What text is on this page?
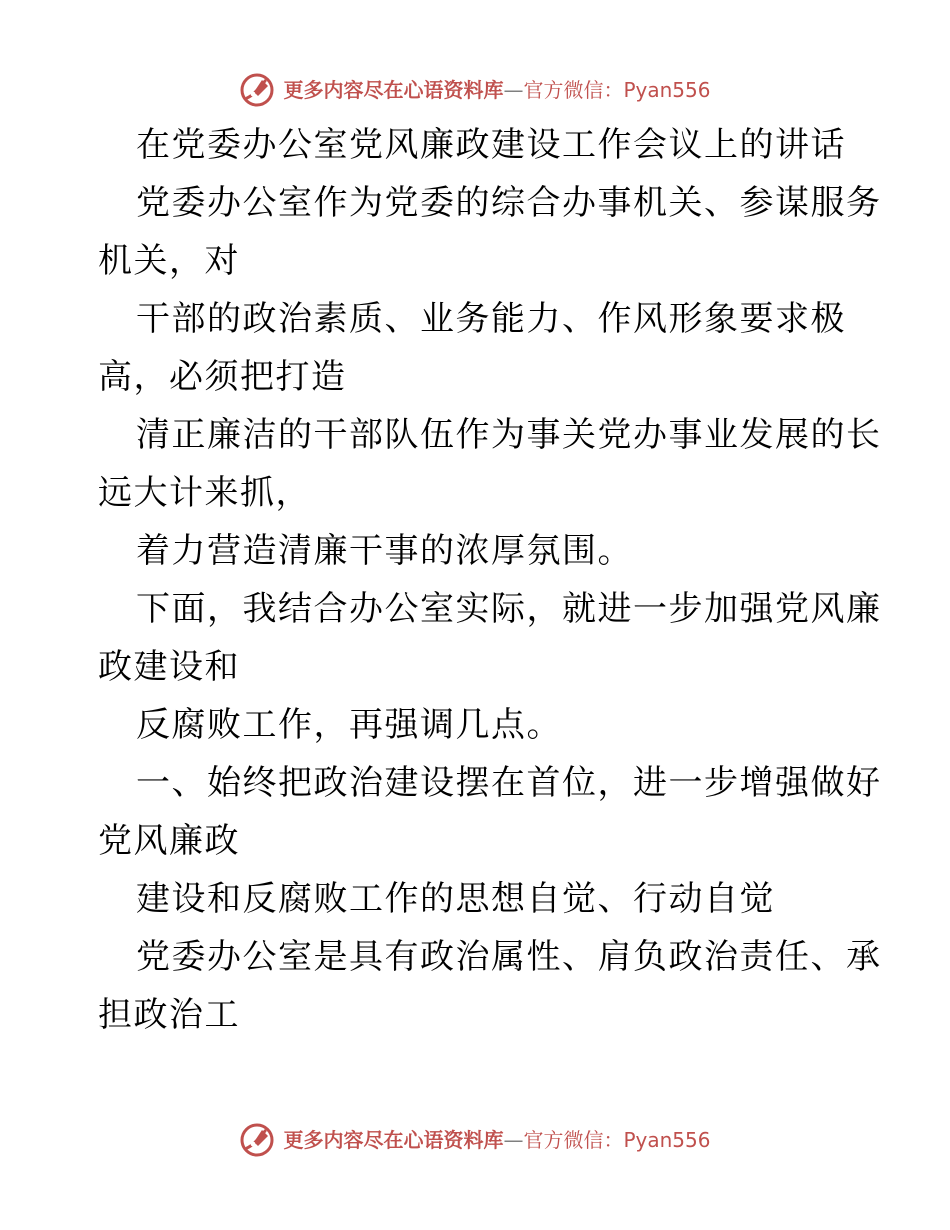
更多内容尽在心语资料库—官方微信：Pyan556
在党委办公室党风廉政建设工作会议上的讲话
党委办公室作为党委的综合办事机关、参谋服务
机关，对
干部的政治素质、业务能力、作风形象要求极
高，必须把打造
清正廉洁的干部队伍作为事关党办事业发展的长
远大计来抓，
着力营造清廉干事的浓厚氛围。
下面，我结合办公室实际，就进一步加强党风廉
政建设和
反腐败工作，再强调几点。
一、始终把政治建设摆在首位，进一步增强做好
党风廉政
建设和反腐败工作的思想自觉、行动自觉
党委办公室是具有政治属性、肩负政治责任、承
担政治工
更多内容尽在心语资料库—官方微信：Pyan556
